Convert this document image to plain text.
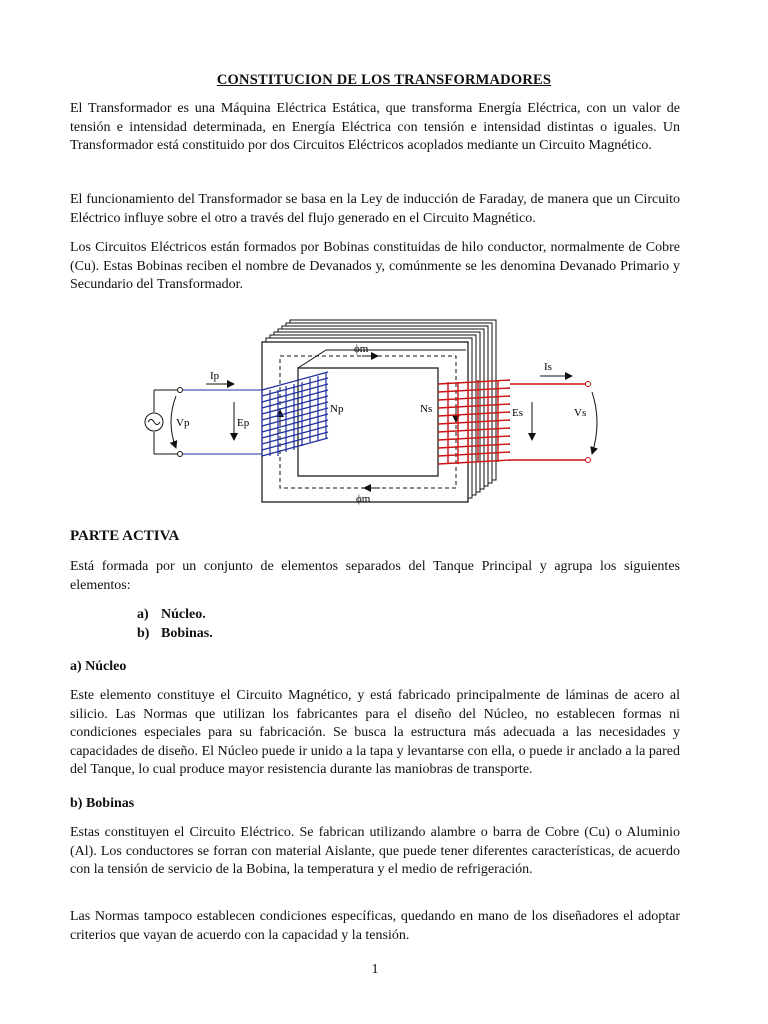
CONSTITUCION DE LOS TRANSFORMADORES

El Transformador es una Máquina Eléctrica Estática, que transforma Energía Eléctrica, con un valor de tensión e intensidad determinada, en Energía Eléctrica con tensión e intensidad distintas o iguales. Un Transformador está constituido por dos Circuitos Eléctricos acoplados mediante un Circuito Magnético.

El funcionamiento del Transformador se basa en la Ley de inducción de Faraday, de manera que un Circuito Eléctrico influye sobre el otro a través del flujo generado en el Circuito Magnético.

Los Circuitos Eléctricos están formados por Bobinas constituidas de hilo conductor, normalmente de Cobre (Cu). Estas Bobinas reciben el nombre de Devanados y, comúnmente se les denomina Devanado Primario y Secundario del Transformador.

ϕm
ϕm
Ip
Is
Vp	Ep
Np	Ns	Es	Vs
PARTE ACTIVA

Está formada por un conjunto de elementos separados del Tanque Principal y agrupa los siguientes elementos:

a) Núcleo.
b) Bobinas.
a) Núcleo

Este elemento constituye el Circuito Magnético, y está fabricado principalmente de láminas de acero al silicio. Las Normas que utilizan los fabricantes para el diseño del Núcleo, no establecen formas ni condiciones especiales para su fabricación. Se busca la estructura más adecuada a las necesidades y capacidades de diseño. El Núcleo puede ir unido a la tapa y levantarse con ella, o puede ir anclado a la pared del Tanque, lo cual produce mayor resistencia durante las maniobras de transporte.

b) Bobinas

Estas constituyen el Circuito Eléctrico. Se fabrican utilizando alambre o barra de Cobre (Cu) o Aluminio (Al). Los conductores se forran con material Aislante, que puede tener diferentes características, de acuerdo con la tensión de servicio de la Bobina, la temperatura y el medio de refrigeración.

Las Normas tampoco establecen condiciones específicas, quedando en mano de los diseñadores el adoptar criterios que vayan de acuerdo con la capacidad y la tensión.

1
